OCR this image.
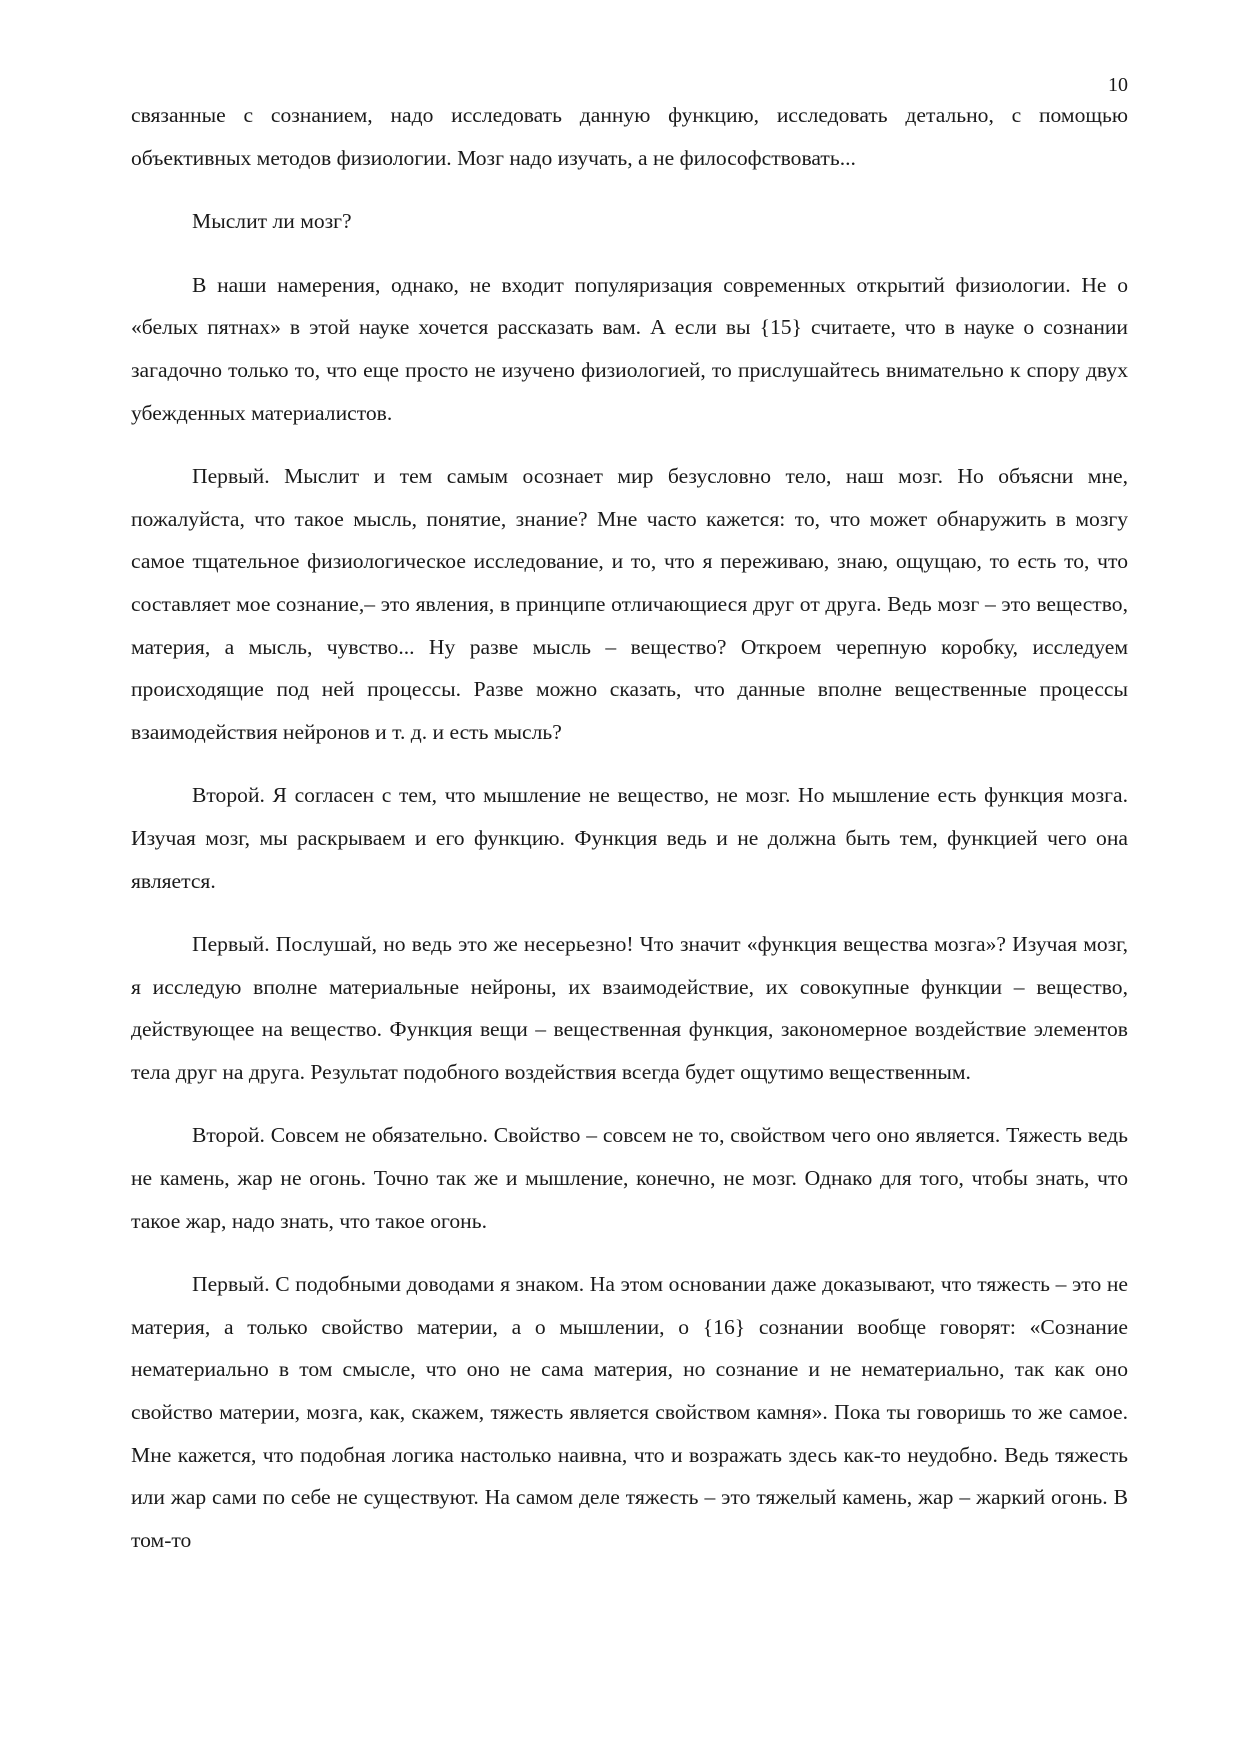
10

связанные с сознанием, надо исследовать данную функцию, исследовать детально, с помощью объективных методов физиологии. Мозг надо изучать, а не философствовать...

Мыслит ли мозг?

В наши намерения, однако, не входит популяризация современных открытий физиологии. Не о «белых пятнах» в этой науке хочется рассказать вам. А если вы {15} считаете, что в науке о сознании загадочно только то, что еще просто не изучено физиологией, то прислушайтесь внимательно к спору двух убежденных материалистов.

Первый. Мыслит и тем самым осознает мир безусловно тело, наш мозг. Но объясни мне, пожалуйста, что такое мысль, понятие, знание? Мне часто кажется: то, что может обнаружить в мозгу самое тщательное физиологическое исследование, и то, что я переживаю, знаю, ощущаю, то есть то, что составляет мое сознание,– это явления, в принципе отличающиеся друг от друга. Ведь мозг – это вещество, материя, а мысль, чувство... Ну разве мысль – вещество? Откроем черепную коробку, исследуем происходящие под ней процессы. Разве можно сказать, что данные вполне вещественные процессы взаимодействия нейронов и т. д. и есть мысль?

Второй. Я согласен с тем, что мышление не вещество, не мозг. Но мышление есть функция мозга. Изучая мозг, мы раскрываем и его функцию. Функция ведь и не должна быть тем, функцией чего она является.

Первый. Послушай, но ведь это же несерьезно! Что значит «функция вещества мозга»? Изучая мозг, я исследую вполне материальные нейроны, их взаимодействие, их совокупные функции – вещество, действующее на вещество. Функция вещи – вещественная функция, закономерное воздействие элементов тела друг на друга. Результат подобного воздействия всегда будет ощутимо вещественным.

Второй. Совсем не обязательно. Свойство – совсем не то, свойством чего оно является. Тяжесть ведь не камень, жар не огонь. Точно так же и мышление, конечно, не мозг. Однако для того, чтобы знать, что такое жар, надо знать, что такое огонь.

Первый. С подобными доводами я знаком. На этом основании даже доказывают, что тяжесть – это не материя, а только свойство материи, а о мышлении, о {16} сознании вообще говорят: «Сознание нематериально в том смысле, что оно не сама материя, но сознание и не нематериально, так как оно свойство материи, мозга, как, скажем, тяжесть является свойством камня». Пока ты говоришь то же самое. Мне кажется, что подобная логика настолько наивна, что и возражать здесь как-то неудобно. Ведь тяжесть или жар сами по себе не существуют. На самом деле тяжесть – это тяжелый камень, жар – жаркий огонь. В том-то
